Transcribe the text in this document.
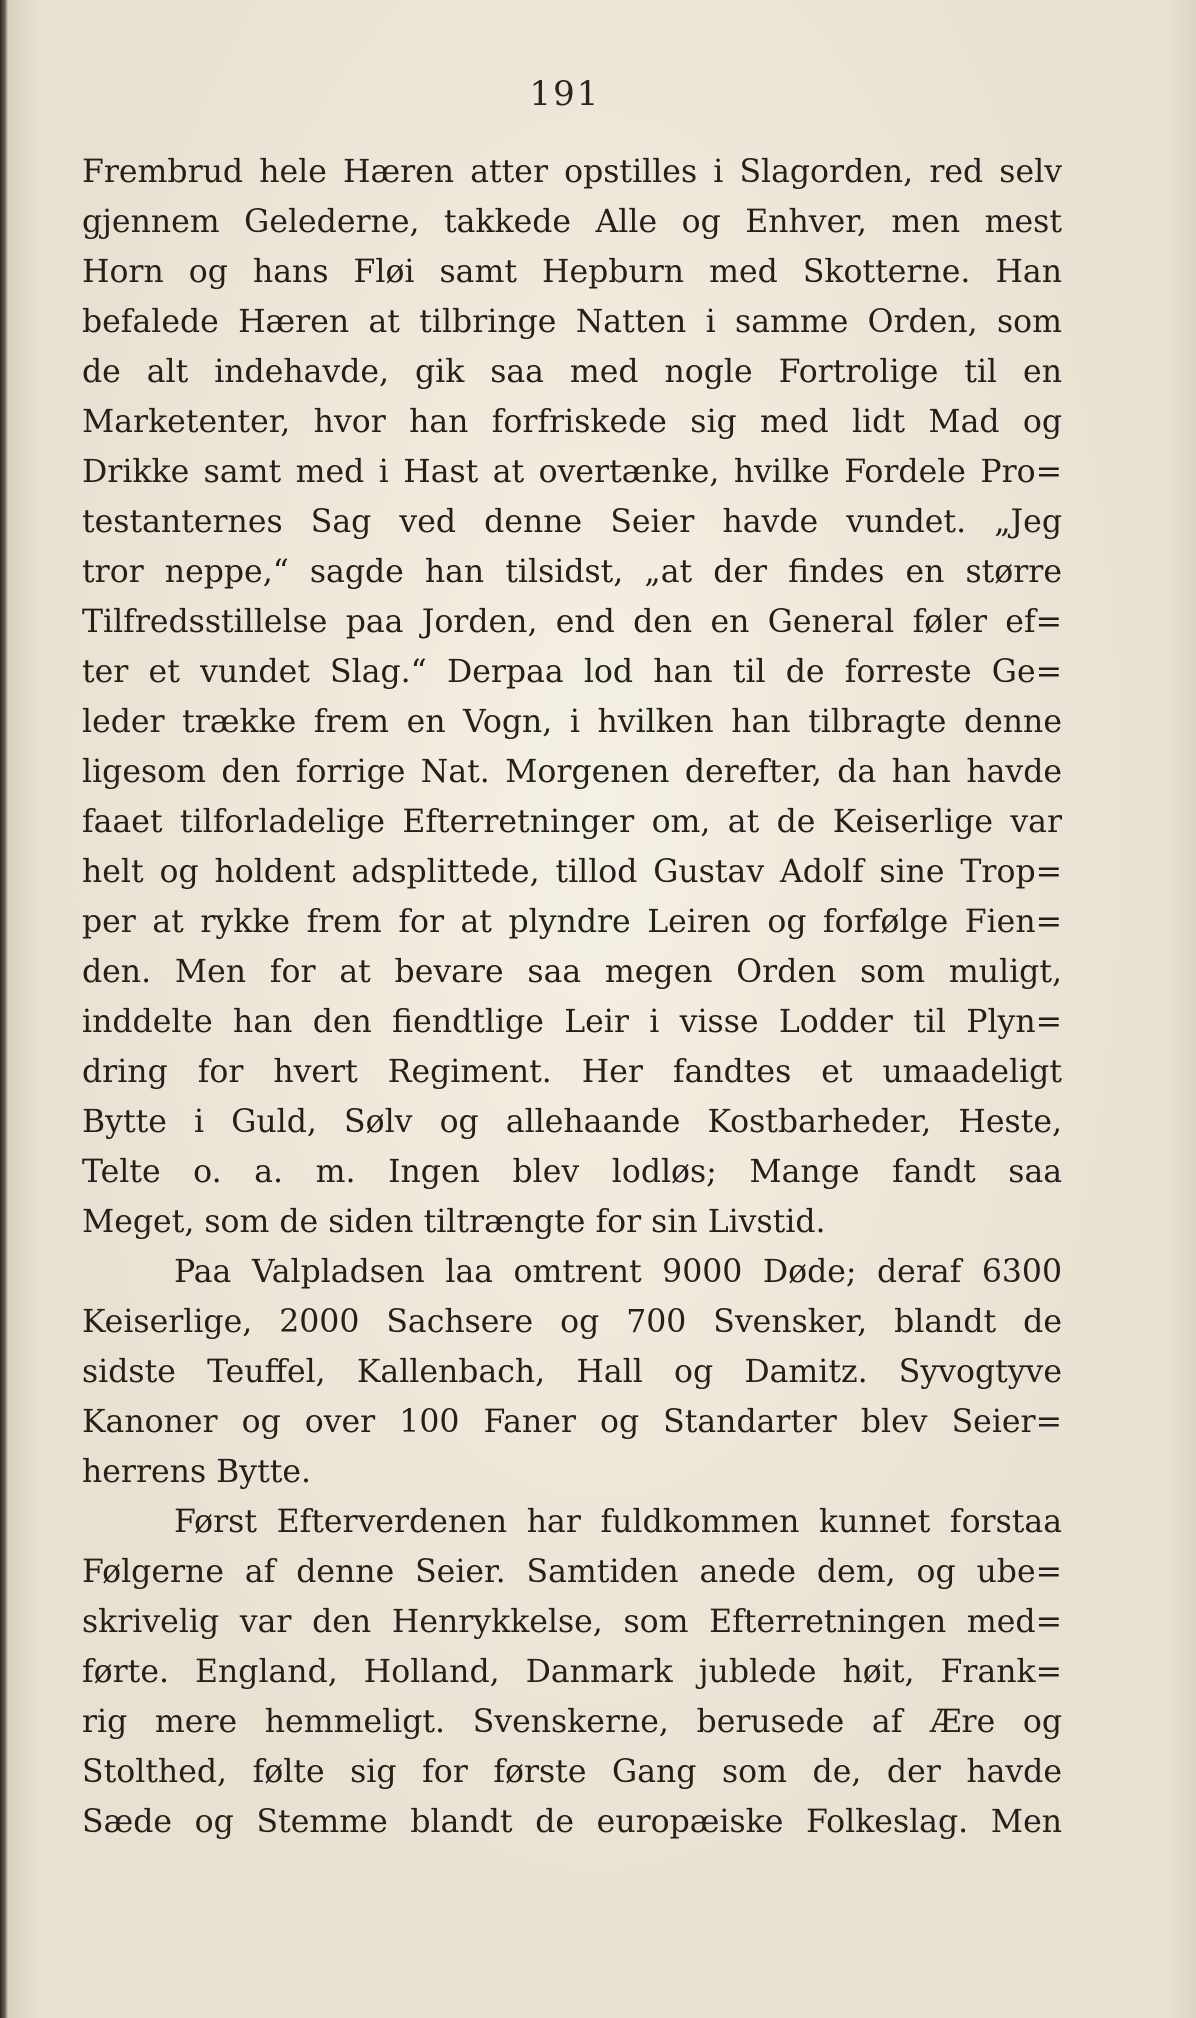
191
Frembrud hele Hæren atter opstilles i Slagorden, red selv
gjennem Geledernе, takkede Alle og Enhver, men mest
Horn og hans Fløi samt Hepburn med Skotterne. Han
befalede Hæren at tilbringe Natten i samme Orden, som
de alt indehavde, gik saa med nogle Fortrolige til en
Marketenter, hvor han forfriskede sig med lidt Mad og
Drikke samt med i Hast at overtænke, hvilke Fordele Pro=
testanternes Sag ved denne Seier havde vundet. „Jeg
tror neppe,“ sagde han tilsidst, „at der findes en større
Tilfredsstillelse paa Jorden, end den en General føler ef=
ter et vundet Slag.“ Derpaa lod han til de forreste Ge=
leder trække frem en Vogn, i hvilken han tilbragte denne
ligesom den forrige Nat. Morgenen derefter, da han havde
faaet tilforladelige Efterretninger om, at de Keiserlige var
helt og holdent adsplittede, tillod Gustav Adolf sine Trop=
per at rykke frem for at plyndre Leiren og forfølge Fien=
den. Men for at bevare saa megen Orden som muligt,
inddelte han den fiendtlige Leir i visse Lodder til Plyn=
dring for hvert Regiment. Her fandtes et umaadeligt
Bytte i Guld, Sølv og allehaande Kostbarheder, Heste,
Telte o. a. m. Ingen blev lodløs; Mange fandt saa
Meget, som de siden tiltrængte for sin Livstid.
Paa Valpladsen laa omtrent 9000 Døde; deraf 6300
Keiserlige, 2000 Sachsere og 700 Svensker, blandt de
sidste Teuffel, Kallenbach, Hall og Damitz. Syvogtyve
Kanoner og over 100 Faner og Standarter blev Seier=
herrens Bytte.
Først Efterverdenen har fuldkommen kunnet forstaa
Følgerne af denne Seier. Samtiden anede dem, og ube=
skrivelig var den Henrykkelse, som Efterretningen med=
førte. England, Holland, Danmark jublede høit, Frank=
rig mere hemmeligt. Svenskerne, berusede af Ære og
Stolthed, følte sig for første Gang som de, der havde
Sæde og Stemme blandt de europæiske Folkeslag. Men
